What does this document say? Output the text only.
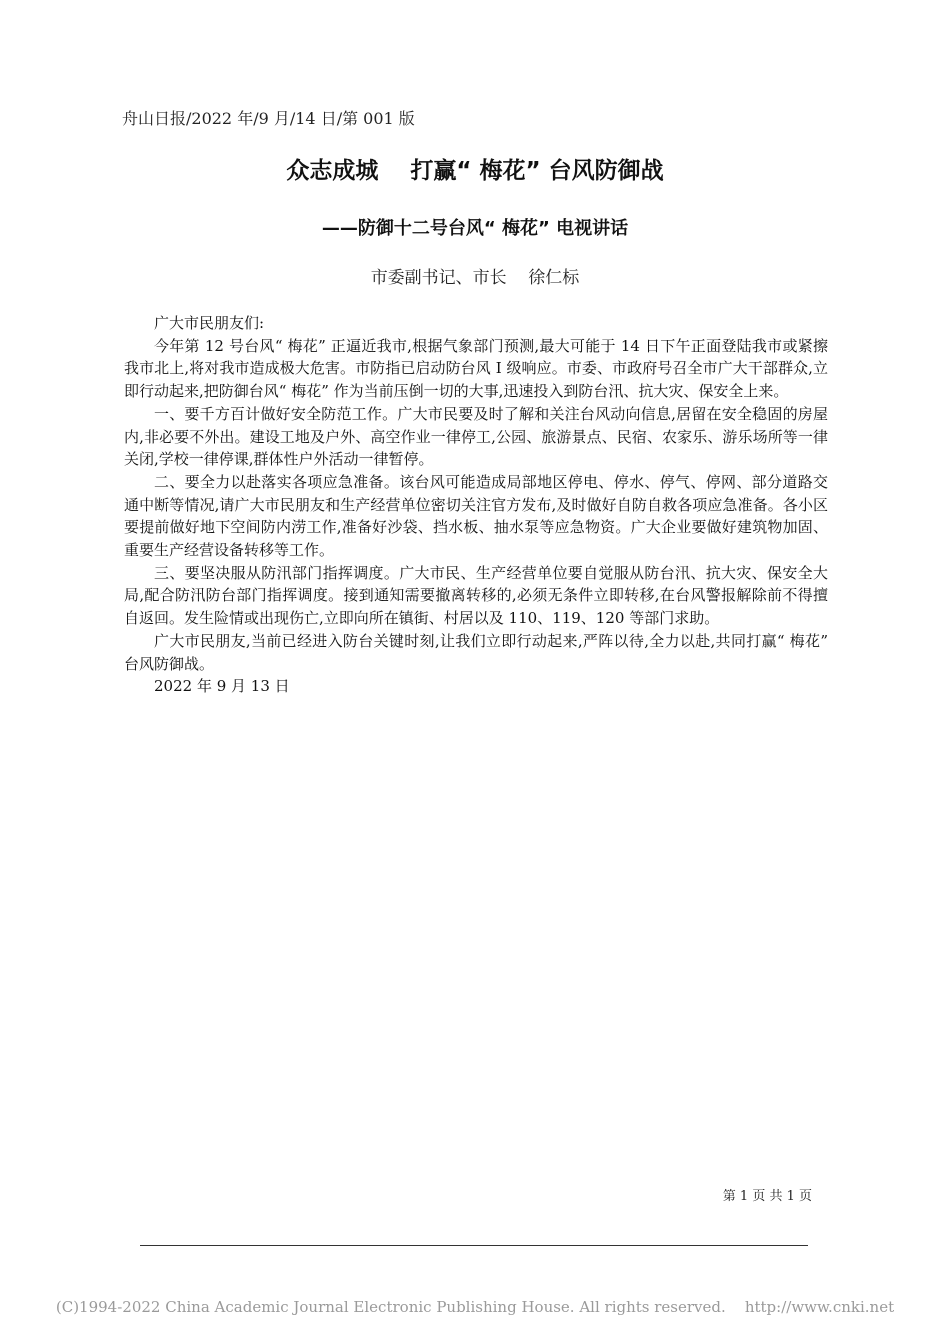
舟山日报/2022 年/9 月/14 日/第 001 版
众志成城    打赢“ 梅花” 台风防御战
——防御十二号台风“ 梅花” 电视讲话
市委副书记、市长    徐仁标

广大市民朋友们:

今年第 12 号台风“ 梅花” 正逼近我市,根据气象部门预测,最大可能于 14 日下午正面登陆我市或紧擦我市北上,将对我市造成极大危害。市防指已启动防台风 I 级响应。市委、市政府号召全市广大干部群众,立即行动起来,把防御台风“ 梅花” 作为当前压倒一切的大事,迅速投入到防台汛、抗大灾、保安全上来。

一、要千方百计做好安全防范工作。广大市民要及时了解和关注台风动向信息,居留在安全稳固的房屋内,非必要不外出。建设工地及户外、高空作业一律停工,公园、旅游景点、民宿、农家乐、游乐场所等一律关闭,学校一律停课,群体性户外活动一律暂停。

二、要全力以赴落实各项应急准备。该台风可能造成局部地区停电、停水、停气、停网、部分道路交通中断等情况,请广大市民朋友和生产经营单位密切关注官方发布,及时做好自防自救各项应急准备。各小区要提前做好地下空间防内涝工作,准备好沙袋、挡水板、抽水泵等应急物资。广大企业要做好建筑物加固、重要生产经营设备转移等工作。

三、要坚决服从防汛部门指挥调度。广大市民、生产经营单位要自觉服从防台汛、抗大灾、保安全大局,配合防汛防台部门指挥调度。接到通知需要撤离转移的,必须无条件立即转移,在台风警报解除前不得擅自返回。发生险情或出现伤亡,立即向所在镇街、村居以及 110、119、120 等部门求助。

广大市民朋友,当前已经进入防台关键时刻,让我们立即行动起来,严阵以待,全力以赴,共同打赢“ 梅花” 台风防御战。

2022 年 9 月 13 日

第 1 页 共 1 页
(C)1994-2022 China Academic Journal Electronic Publishing House. All rights reserved.    http://www.cnki.net
